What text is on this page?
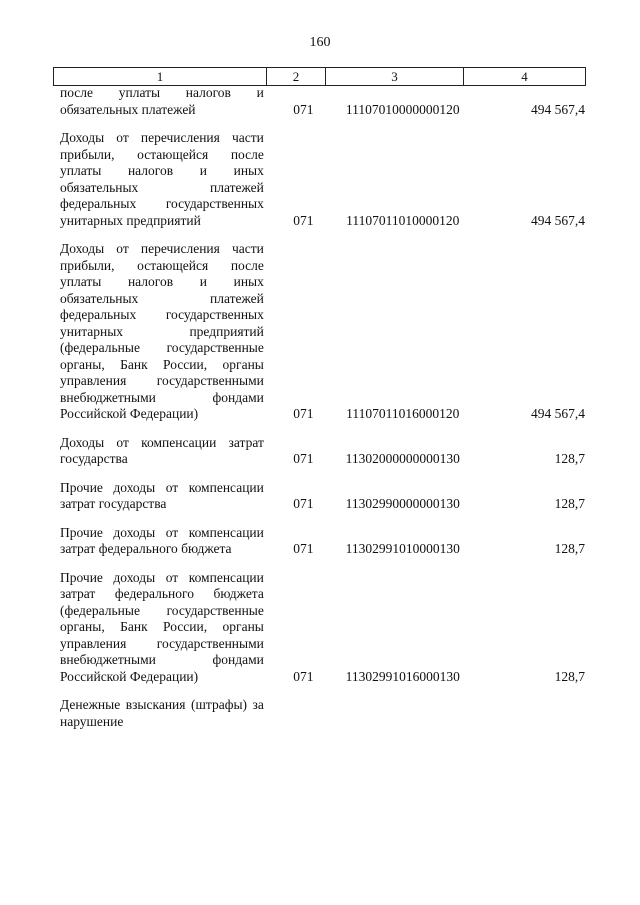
160
1	2	3	4
после уплаты налогов и обязательных платежей	071	11107010000000120	494 567,4
Доходы от перечисления части прибыли, остающейся после уплаты налогов и иных обязательных платежей федеральных государственных унитарных предприятий	071	11107011010000120	494 567,4
Доходы от перечисления части прибыли, остающейся после уплаты налогов и иных обязательных платежей федеральных государственных унитарных предприятий (федеральные государственные органы, Банк России, органы управления государственными внебюджетными фондами Российской Федерации)	071	11107011016000120	494 567,4
Доходы от компенсации затрат государства	071	11302000000000130	128,7
Прочие доходы от компенсации затрат государства	071	11302990000000130	128,7
Прочие доходы от компенсации затрат федерального бюджета	071	11302991010000130	128,7
Прочие доходы от компенсации затрат федерального бюджета (федеральные государственные органы, Банк России, органы управления государственными внебюджетными фондами Российской Федерации)	071	11302991016000130	128,7
Денежные взыскания (штрафы) за нарушение
